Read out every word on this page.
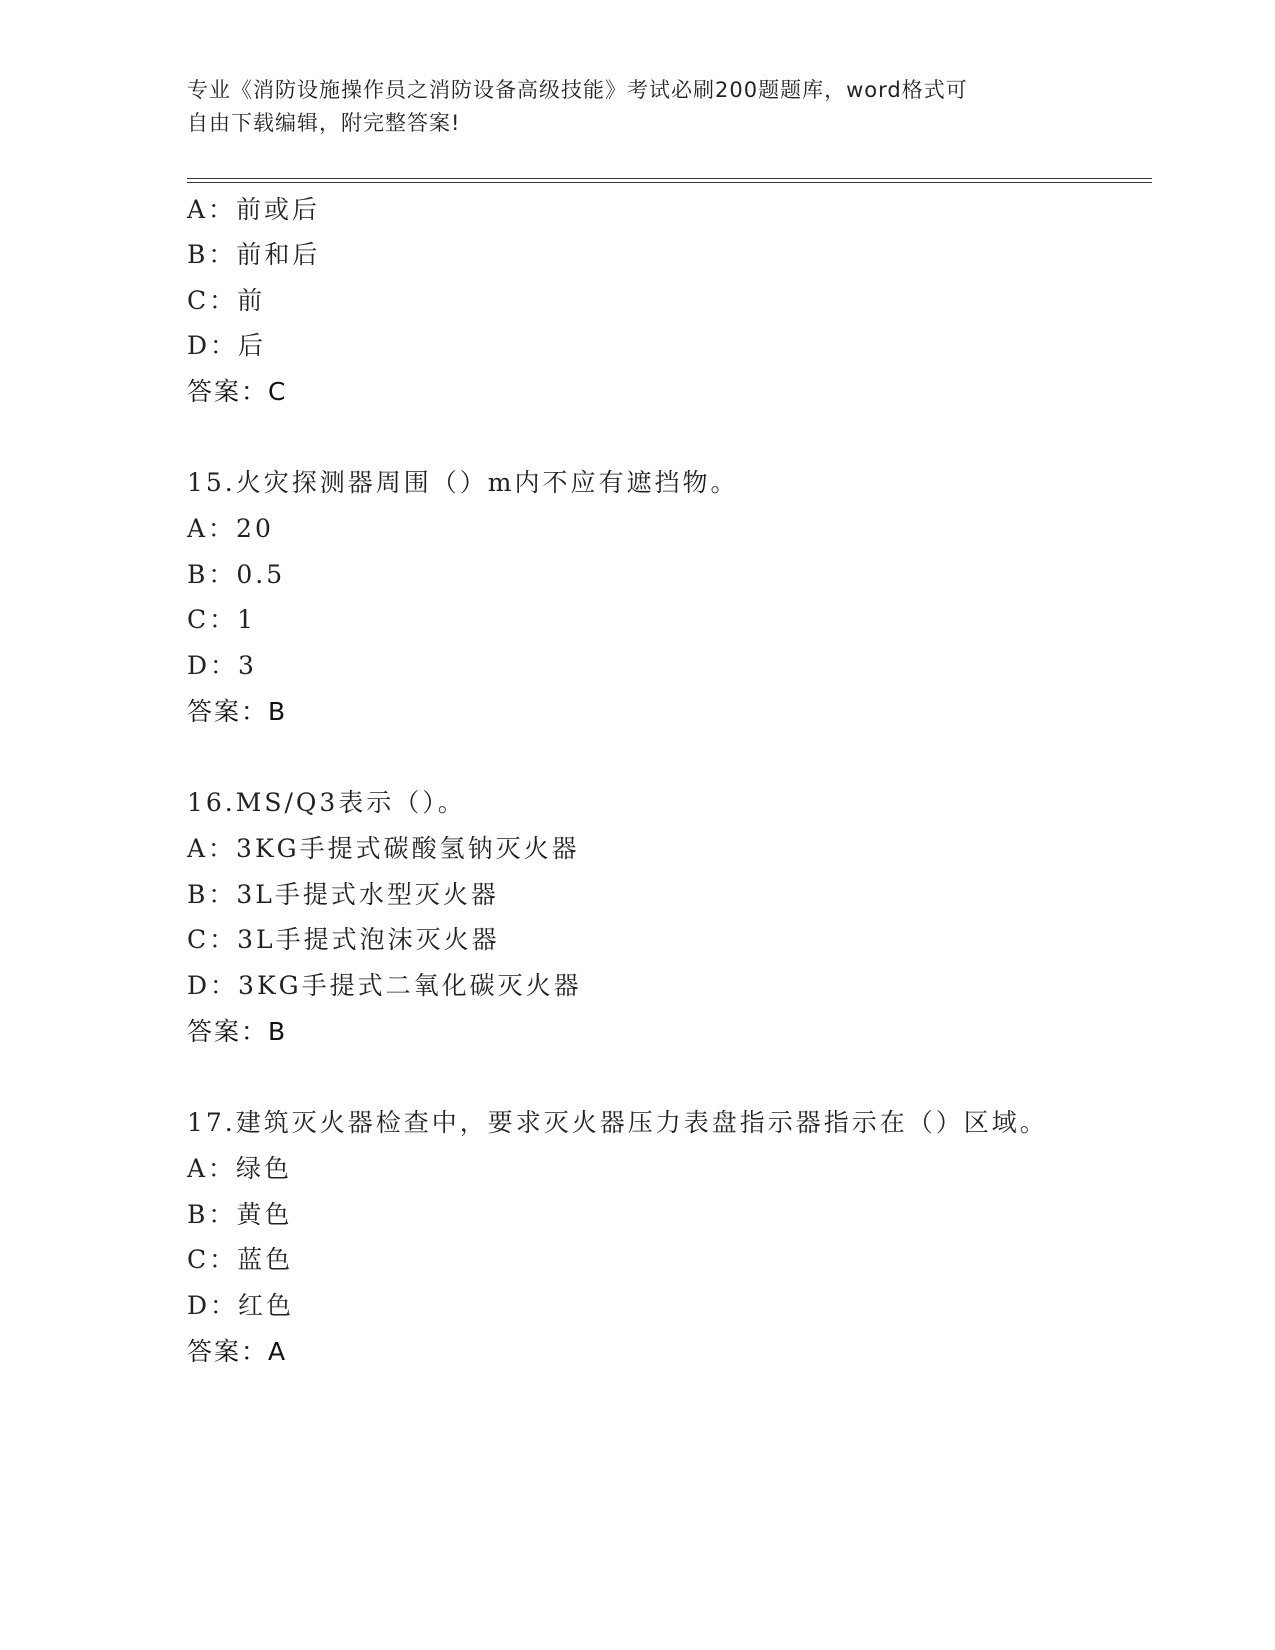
专业《消防设施操作员之消防设备高级技能》考试必刷200题题库，word格式可
自由下载编辑，附完整答案!
A：前或后
B：前和后
C：前
D：后
答案：C
15.火灾探测器周围（）m内不应有遮挡物。
A：20
B：0.5
C：1
D：3
答案：B
16.MS/Q3表示（）。
A：3KG手提式碳酸氢钠灭火器
B：3L手提式水型灭火器
C：3L手提式泡沫灭火器
D：3KG手提式二氧化碳灭火器
答案：B
17.建筑灭火器检查中，要求灭火器压力表盘指示器指示在（）区域。
A：绿色
B：黄色
C：蓝色
D：红色
答案：A
